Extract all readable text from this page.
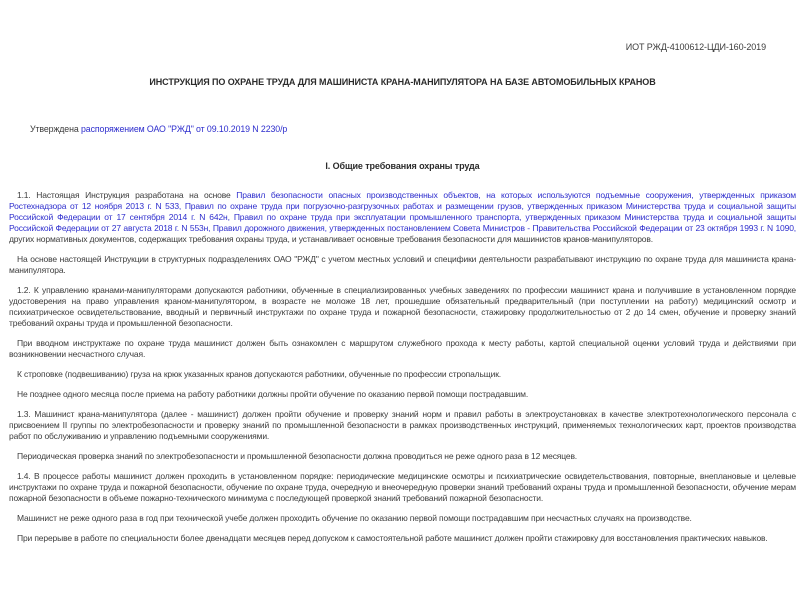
ИОТ РЖД-4100612-ЦДИ-160-2019
ИНСТРУКЦИЯ ПО ОХРАНЕ ТРУДА ДЛЯ МАШИНИСТА КРАНА-МАНИПУЛЯТОРА НА БАЗЕ АВТОМОБИЛЬНЫХ КРАНОВ
Утверждена распоряжением ОАО "РЖД" от 09.10.2019 N 2230/р
I. Общие требования охраны труда

1.1. Настоящая Инструкция разработана на основе Правил безопасности опасных производственных объектов, на которых используются подъемные сооружения, утвержденных приказом Ростехнадзора от 12 ноября 2013 г. N 533, Правил по охране труда при погрузочно-разгрузочных работах и размещении грузов, утвержденных приказом Министерства труда и социальной защиты Российской Федерации от 17 сентября 2014 г. N 642н, Правил по охране труда при эксплуатации промышленного транспорта, утвержденных приказом Министерства труда и социальной защиты Российской Федерации от 27 августа 2018 г. N 553н, Правил дорожного движения, утвержденных постановлением Совета Министров - Правительства Российской Федерации от 23 октября 1993 г. N 1090, других нормативных документов, содержащих требования охраны труда, и устанавливает основные требования безопасности для машинистов кранов-манипуляторов.

На основе настоящей Инструкции в структурных подразделениях ОАО "РЖД" с учетом местных условий и специфики деятельности разрабатывают инструкцию по охране труда для машиниста крана-манипулятора.

1.2. К управлению кранами-манипуляторами допускаются работники, обученные в специализированных учебных заведениях по профессии машинист крана и получившие в установленном порядке удостоверения на право управления краном-манипулятором, в возрасте не моложе 18 лет, прошедшие обязательный предварительный (при поступлении на работу) медицинский осмотр и психиатрическое освидетельствование, вводный и первичный инструктажи по охране труда и пожарной безопасности, стажировку продолжительностью от 2 до 14 смен, обучение и проверку знаний требований охраны труда и промышленной безопасности.

При вводном инструктаже по охране труда машинист должен быть ознакомлен с маршрутом служебного прохода к месту работы, картой специальной оценки условий труда и действиями при возникновении несчастного случая.

К строповке (подвешиванию) груза на крюк указанных кранов допускаются работники, обученные по профессии стропальщик.

Не позднее одного месяца после приема на работу работники должны пройти обучение по оказанию первой помощи пострадавшим.

1.3. Машинист крана-манипулятора (далее - машинист) должен пройти обучение и проверку знаний норм и правил работы в электроустановках в качестве электротехнологического персонала с присвоением II группы по электробезопасности и проверку знаний по промышленной безопасности в рамках производственных инструкций, применяемых технологических карт, проектов производства работ по обслуживанию и управлению подъемными сооружениями.

Периодическая проверка знаний по электробезопасности и промышленной безопасности должна проводиться не реже одного раза в 12 месяцев.

1.4. В процессе работы машинист должен проходить в установленном порядке: периодические медицинские осмотры и психиатрические освидетельствования, повторные, внеплановые и целевые инструктажи по охране труда и пожарной безопасности, обучение по охране труда, очередную и внеочередную проверки знаний требований охраны труда и промышленной безопасности, обучение мерам пожарной безопасности в объеме пожарно-технического минимума с последующей проверкой знаний требований пожарной безопасности.

Машинист не реже одного раза в год при технической учебе должен проходить обучение по оказанию первой помощи пострадавшим при несчастных случаях на производстве.

При перерыве в работе по специальности более двенадцати месяцев перед допуском к самостоятельной работе машинист должен пройти стажировку для восстановления практических навыков.
